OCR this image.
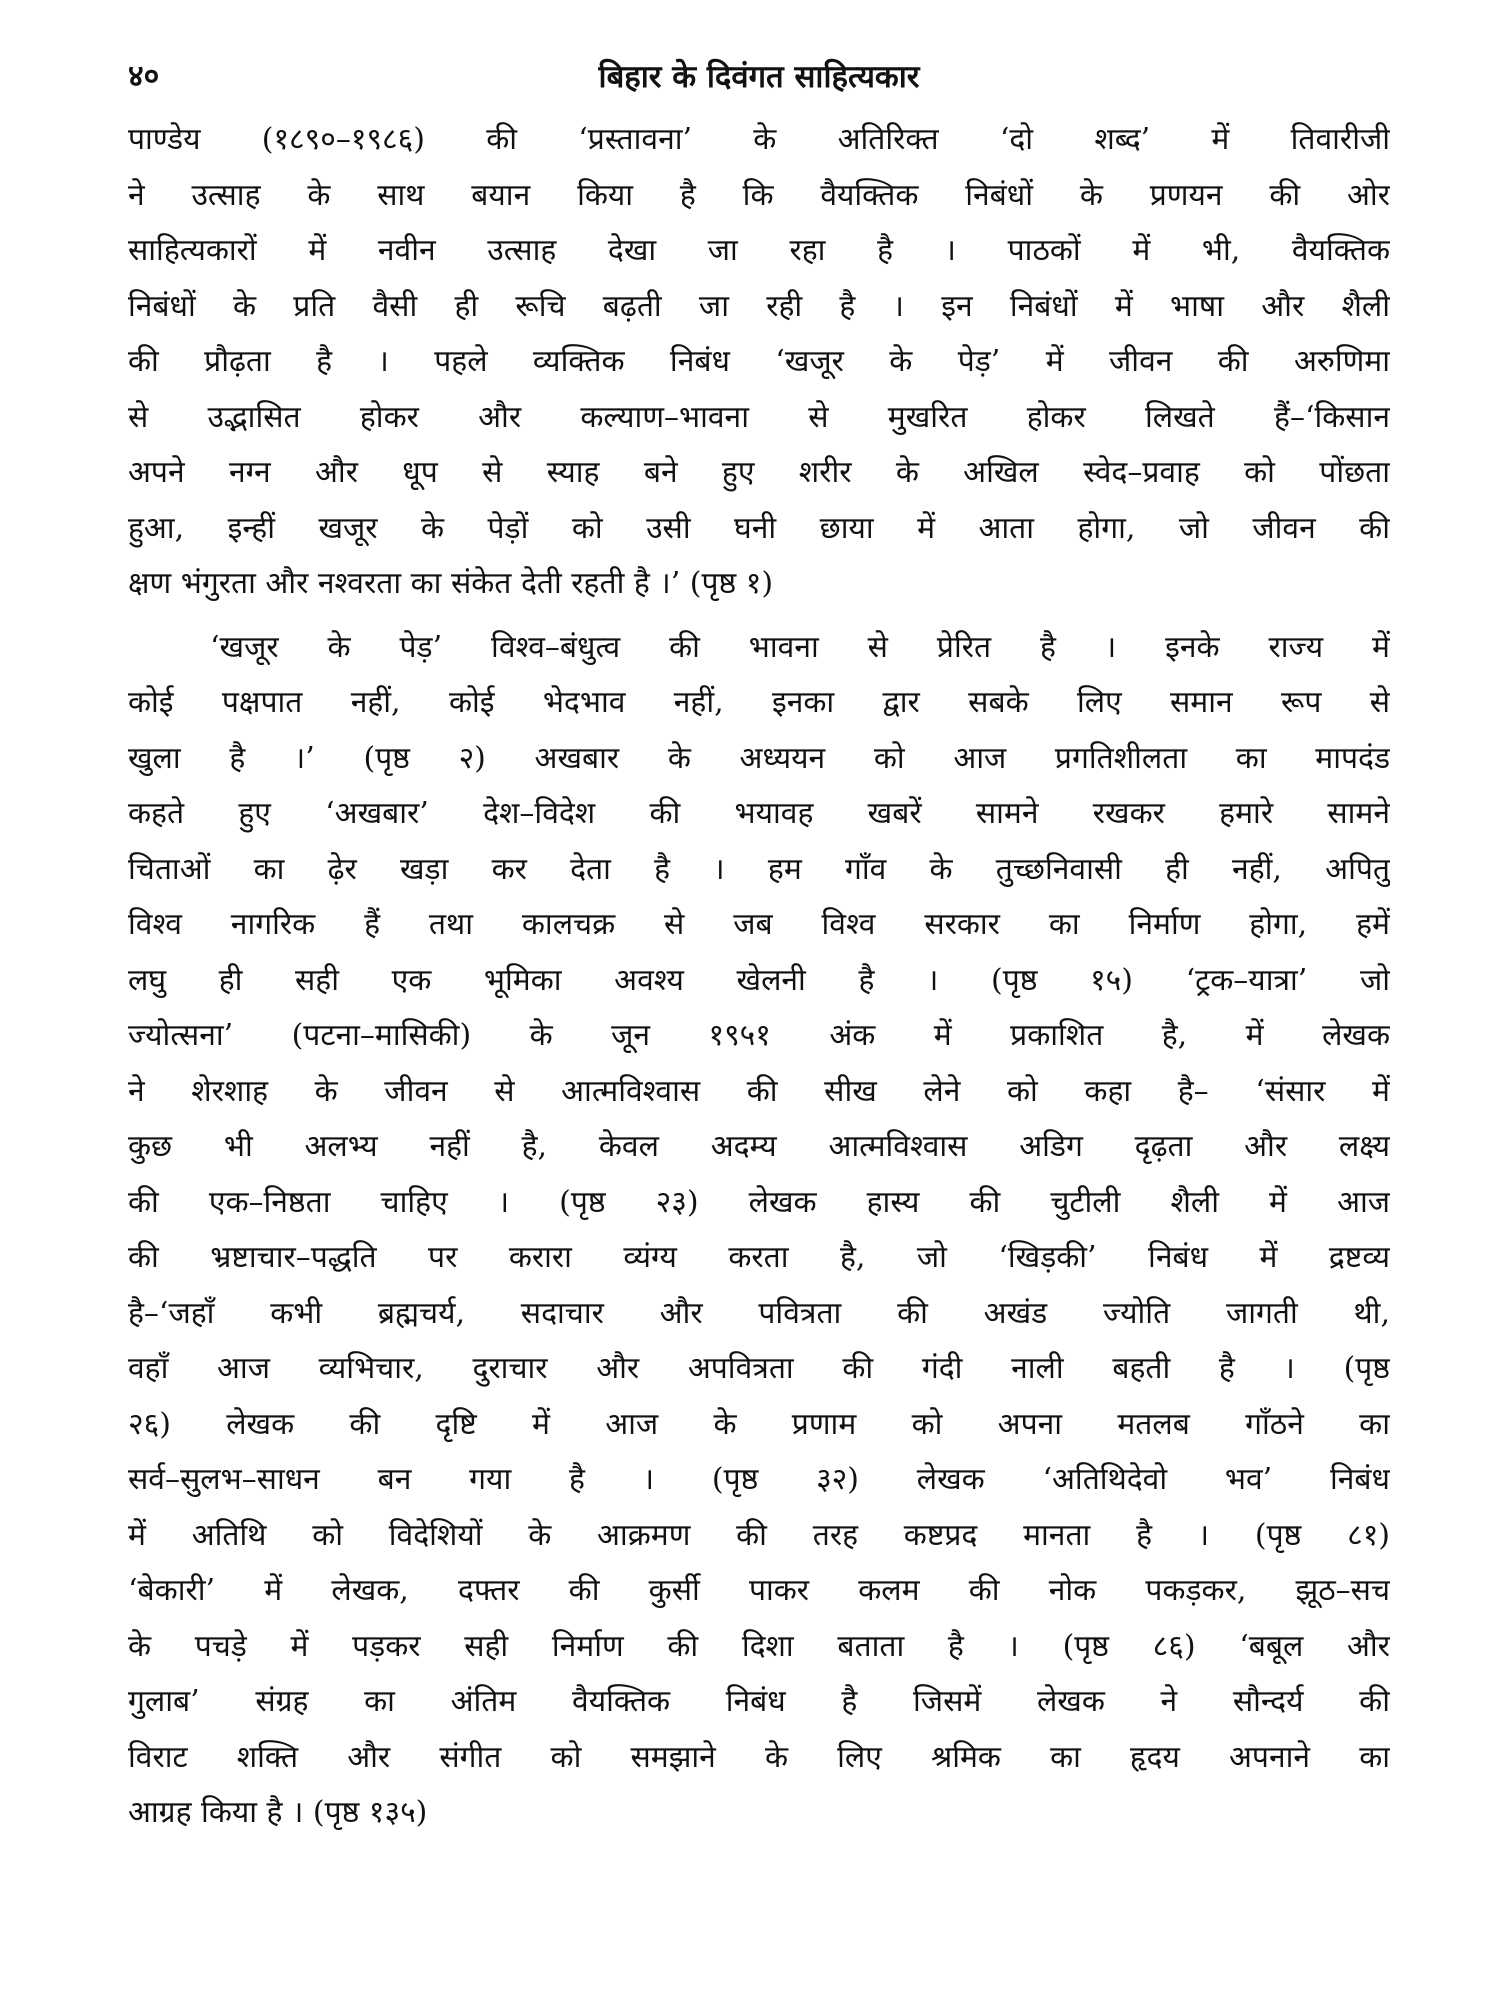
४०	बिहार के दिवंगत साहित्यकार
पाण्डेय (१८९०–१९८६) की ‘प्रस्तावना’ के अतिरिक्त ‘दो शब्द’ में तिवारीजी
ने उत्साह के साथ बयान किया है कि वैयक्तिक निबंधों के प्रणयन की ओर
साहित्यकारों में नवीन उत्साह देखा जा रहा है । पाठकों में भी, वैयक्तिक
निबंधों के प्रति वैसी ही रूचि बढ़ती जा रही है । इन निबंधों में भाषा और शैली
की प्रौढ़ता है । पहले व्यक्तिक निबंध ‘खजूर के पेड़’ में जीवन की अरुणिमा
से उद्भासित होकर और कल्याण–भावना से मुखरित होकर लिखते हैं–‘किसान
अपने नग्न और धूप से स्याह बने हुए शरीर के अखिल स्वेद–प्रवाह को पोंछता
हुआ, इन्हीं खजूर के पेड़ों को उसी घनी छाया में आता होगा, जो जीवन की
क्षण भंगुरता और नश्वरता का संकेत देती रहती है ।’ (पृष्ठ १)
‘खजूर के पेड़’ विश्व–बंधुत्व की भावना से प्रेरित है । इनके राज्य में
कोई पक्षपात नहीं, कोई भेदभाव नहीं, इनका द्वार सबके लिए समान रूप से
खुला है ।’ (पृष्ठ २) अखबार के अध्ययन को आज प्रगतिशीलता का मापदंड
कहते हुए ‘अखबार’ देश–विदेश की भयावह खबरें सामने रखकर हमारे सामने
चिताओं का ढ़ेर खड़ा कर देता है । हम गाँव के तुच्छनिवासी ही नहीं, अपितु
विश्व नागरिक हैं तथा कालचक्र से जब विश्व सरकार का निर्माण होगा, हमें
लघु ही सही एक भूमिका अवश्य खेलनी है । (पृष्ठ १५) ‘ट्रक–यात्रा’ जो
ज्योत्सना’ (पटना–मासिकी) के जून १९५१ अंक में प्रकाशित है, में लेखक
ने शेरशाह के जीवन से आत्मविश्वास की सीख लेने को कहा है– ‘संसार में
कुछ भी अलभ्य नहीं है, केवल अदम्य आत्मविश्वास अडिग दृढ़ता और लक्ष्य
की एक–निष्ठता चाहिए । (पृष्ठ २३) लेखक हास्य की चुटीली शैली में आज
की भ्रष्टाचार–पद्धति पर करारा व्यंग्य करता है, जो ‘खिड़की’ निबंध में द्रष्टव्य
है–‘जहाँ कभी ब्रह्मचर्य, सदाचार और पवित्रता की अखंड ज्योति जागती थी,
वहाँ आज व्यभिचार, दुराचार और अपवित्रता की गंदी नाली बहती है । (पृष्ठ
२६) लेखक की दृष्टि में आज के प्रणाम को अपना मतलब गाँठने का
सर्व–सुलभ–साधन बन गया है । (पृष्ठ ३२) लेखक ‘अतिथिदेवो भव’ निबंध
में अतिथि को विदेशियों के आक्रमण की तरह कष्टप्रद मानता है । (पृष्ठ ८१)
‘बेकारी’ में लेखक, दफ्तर की कुर्सी पाकर कलम की नोक पकड़कर, झूठ–सच
के पचड़े में पड़कर सही निर्माण की दिशा बताता है । (पृष्ठ ८६) ‘बबूल और
गुलाब’ संग्रह का अंतिम वैयक्तिक निबंध है जिसमें लेखक ने सौन्दर्य की
विराट शक्ति और संगीत को समझाने के लिए श्रमिक का हृदय अपनाने का
आग्रह किया है । (पृष्ठ १३५)
